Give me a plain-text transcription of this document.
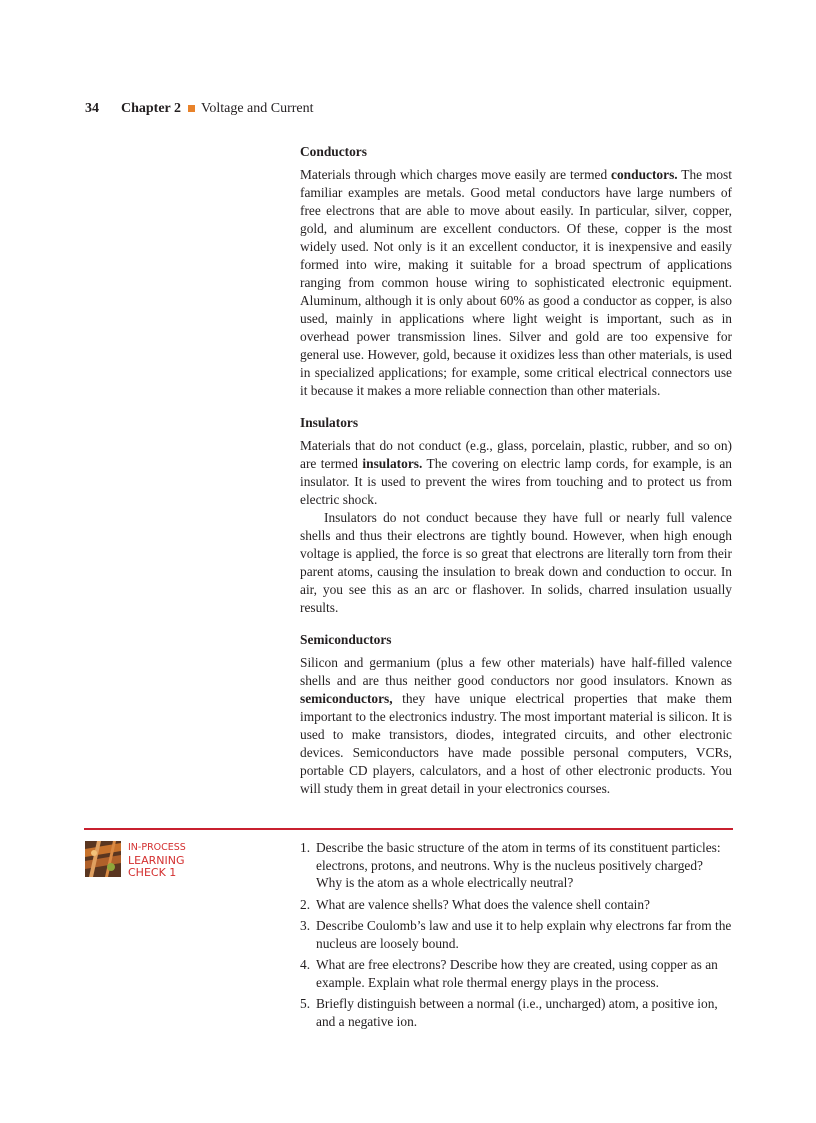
34 Chapter 2 Voltage and Current
Conductors

Materials through which charges move easily are termed conductors. The most familiar examples are metals. Good metal conductors have large numbers of free electrons that are able to move about easily. In particular, silver, copper, gold, and aluminum are excellent conductors. Of these, copper is the most widely used. Not only is it an excellent conductor, it is inexpensive and easily formed into wire, making it suitable for a broad spectrum of applications ranging from common house wiring to sophisticated electronic equipment. Aluminum, although it is only about 60% as good a conductor as copper, is also used, mainly in applications where light weight is important, such as in overhead power transmission lines. Silver and gold are too expensive for general use. However, gold, because it oxidizes less than other materials, is used in specialized applications; for example, some critical electrical connectors use it because it makes a more reliable connection than other materials.

Insulators

Materials that do not conduct (e.g., glass, porcelain, plastic, rubber, and so on) are termed insulators. The covering on electric lamp cords, for example, is an insulator. It is used to prevent the wires from touching and to protect us from electric shock.

Insulators do not conduct because they have full or nearly full valence shells and thus their electrons are tightly bound. However, when high enough voltage is applied, the force is so great that electrons are literally torn from their parent atoms, causing the insulation to break down and conduction to occur. In air, you see this as an arc or flashover. In solids, charred insulation usually results.

Semiconductors

Silicon and germanium (plus a few other materials) have half-filled valence shells and are thus neither good conductors nor good insulators. Known as semiconductors, they have unique electrical properties that make them important to the electronics industry. The most important material is silicon. It is used to make transistors, diodes, integrated circuits, and other electronic devices. Semiconductors have made possible personal computers, VCRs, portable CD players, calculators, and a host of other electronic products. You will study them in great detail in your electronics courses.

IN-PROCESS
LEARNING
CHECK 1
1. Describe the basic structure of the atom in terms of its constituent particles: electrons, protons, and neutrons. Why is the nucleus positively charged? Why is the atom as a whole electrically neutral?
2. What are valence shells? What does the valence shell contain?
3. Describe Coulomb’s law and use it to help explain why electrons far from the nucleus are loosely bound.
4. What are free electrons? Describe how they are created, using copper as an example. Explain what role thermal energy plays in the process.
5. Briefly distinguish between a normal (i.e., uncharged) atom, a positive ion, and a negative ion.
